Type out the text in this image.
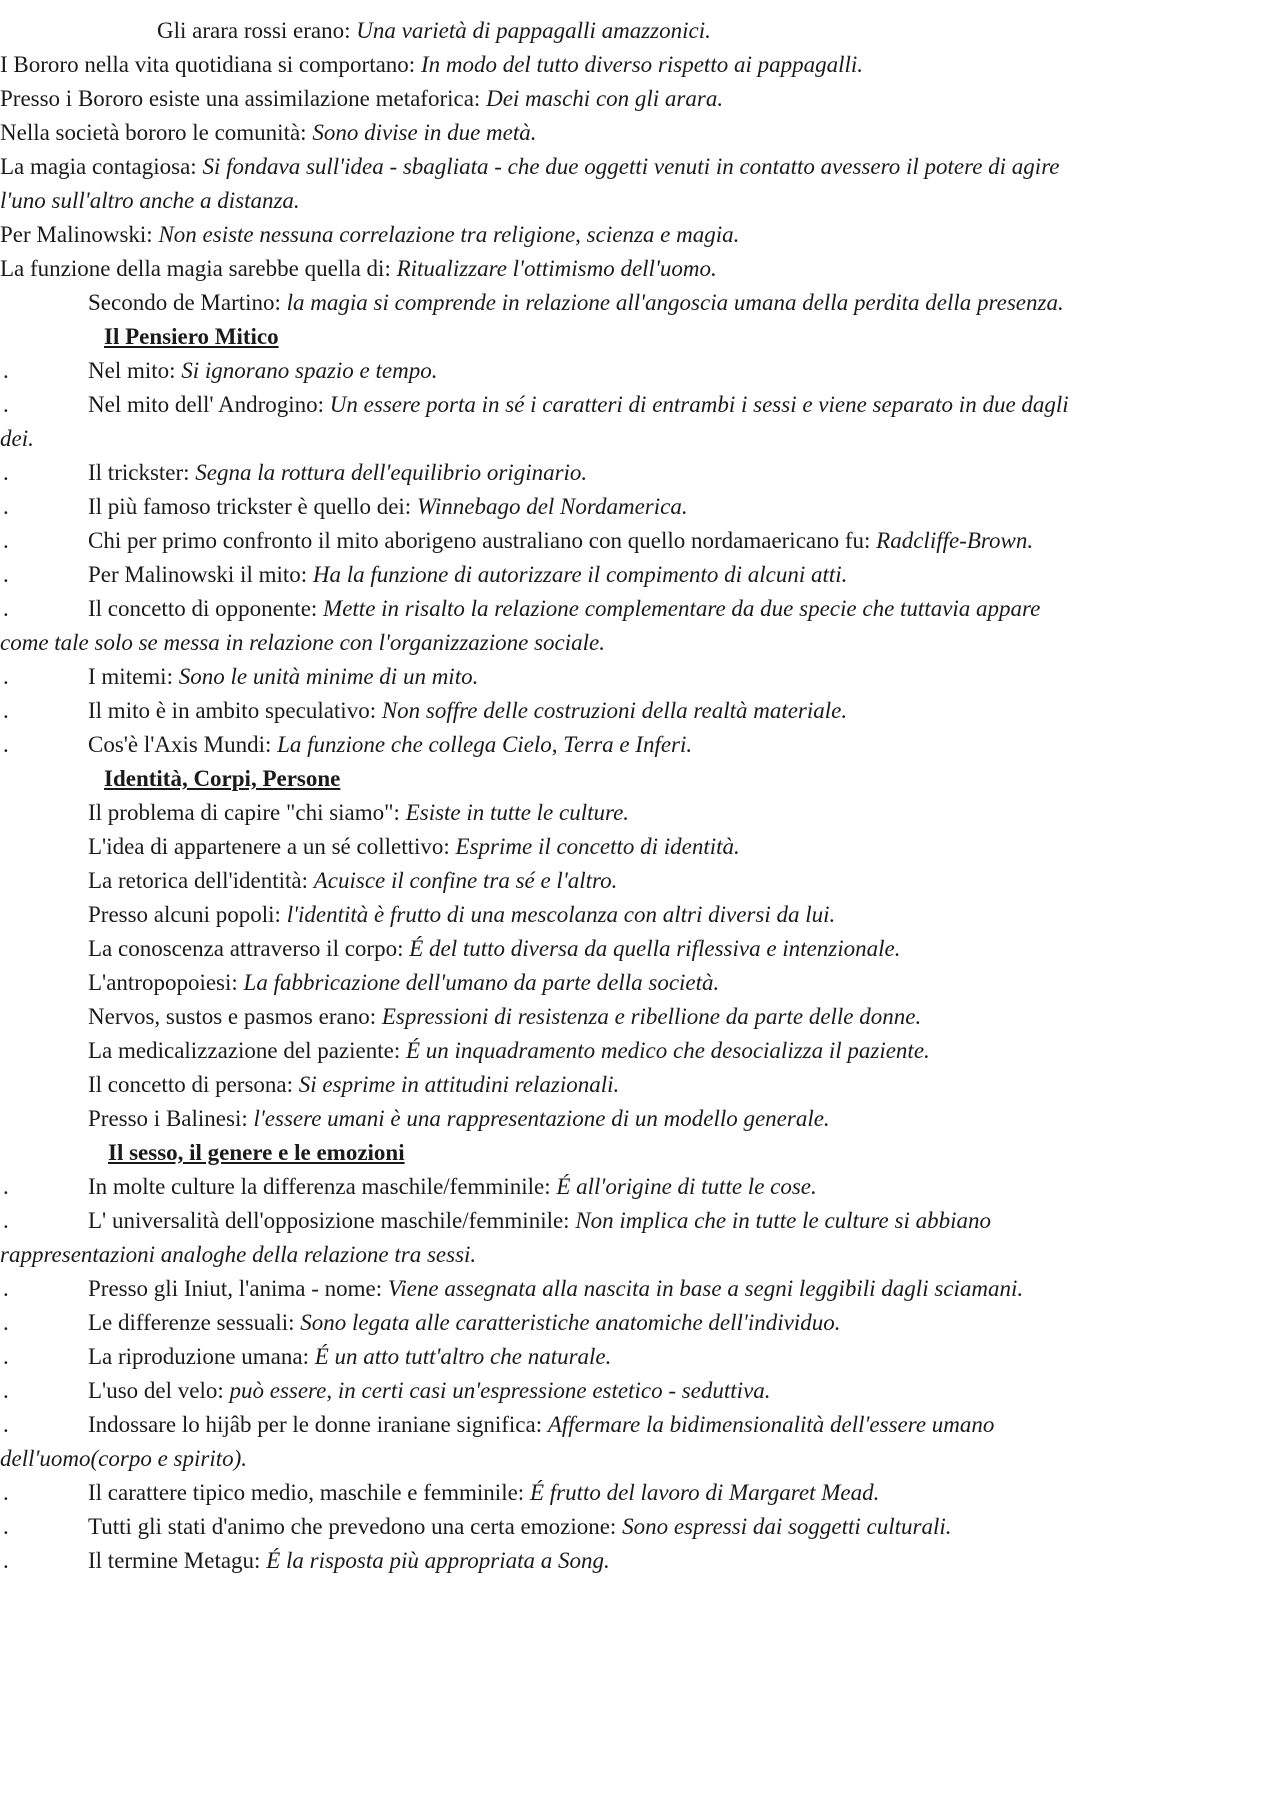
Gli arara rossi erano: Una varietà di pappagalli amazzonici.

I Bororo nella vita quotidiana si comportano: In modo del tutto diverso rispetto ai pappagalli.

Presso i Bororo esiste una assimilazione metaforica: Dei maschi con gli arara.

Nella società bororo le comunità: Sono divise in due metà.

La magia contagiosa: Si fondava sull'idea - sbagliata - che due oggetti venuti in contatto avessero il potere di agire l'uno sull'altro anche a distanza.

Per Malinowski: Non esiste nessuna correlazione tra religione, scienza e magia.

La funzione della magia sarebbe quella di: Ritualizzare l'ottimismo dell'uomo.

Secondo de Martino: la magia si comprende in relazione all'angoscia umana della perdita della presenza.

Il Pensiero Mitico

.	Nel mito: Si ignorano spazio e tempo.

.	Nel mito dell' Androgino: Un essere porta in sé i caratteri di entrambi i sessi e viene separato in due dagli dei.

.	Il trickster: Segna la rottura dell'equilibrio originario.

.	Il più famoso trickster è quello dei: Winnebago del Nordamerica.

.	Chi per primo confronto il mito aborigeno australiano con quello nordamaericano fu: Radcliffe-Brown.

.	Per Malinowski il mito: Ha la funzione di autorizzare il compimento di alcuni atti.

.	Il concetto di opponente: Mette in risalto la relazione complementare da due specie che tuttavia appare come tale solo se messa in relazione con l'organizzazione sociale.

.	I mitemi: Sono le unità minime di un mito.

.	Il mito è in ambito speculativo: Non soffre delle costruzioni della realtà materiale.

.	Cos'è l'Axis Mundi: La funzione che collega Cielo, Terra e Inferi.

Identità, Corpi, Persone

Il problema di capire "chi siamo": Esiste in tutte le culture.

L'idea di appartenere a un sé collettivo: Esprime il concetto di identità.

La retorica dell'identità: Acuisce il confine tra sé e l'altro.

Presso alcuni popoli: l'identità è frutto di una mescolanza con altri diversi da lui.

La conoscenza attraverso il corpo: É del tutto diversa da quella riflessiva e intenzionale.

L'antropopoiesi: La fabbricazione dell'umano da parte della società.

Nervos, sustos e pasmos erano: Espressioni di resistenza e ribellione da parte delle donne.

La medicalizzazione del paziente: É un inquadramento medico che desocializza il paziente.

Il concetto di persona: Si esprime in attitudini relazionali.

Presso i Balinesi: l'essere umani è una rappresentazione di un modello generale.

Il sesso, il genere e le emozioni

.	In molte culture la differenza maschile/femminile: É all'origine di tutte le cose.

.	L' universalità dell'opposizione maschile/femminile: Non implica che in tutte le culture si abbiano rappresentazioni analoghe della relazione tra sessi.

.	Presso gli Iniut, l'anima - nome: Viene assegnata alla nascita in base a segni leggibili dagli sciamani.

.	Le differenze sessuali: Sono legata alle caratteristiche anatomiche dell'individuo.

.	La riproduzione umana: É un atto tutt'altro che naturale.

.	L'uso del velo: può essere, in certi casi un'espressione estetico - seduttiva.

.	Indossare lo hijâb per le donne iraniane significa: Affermare la bidimensionalità dell'essere umano dell'uomo(corpo e spirito).

.	Il carattere tipico medio, maschile e femminile: É frutto del lavoro di Margaret Mead.

.	Tutti gli stati d'animo che prevedono una certa emozione: Sono espressi dai soggetti culturali.

.	Il termine Metagu: É la risposta più appropriata a Song.
